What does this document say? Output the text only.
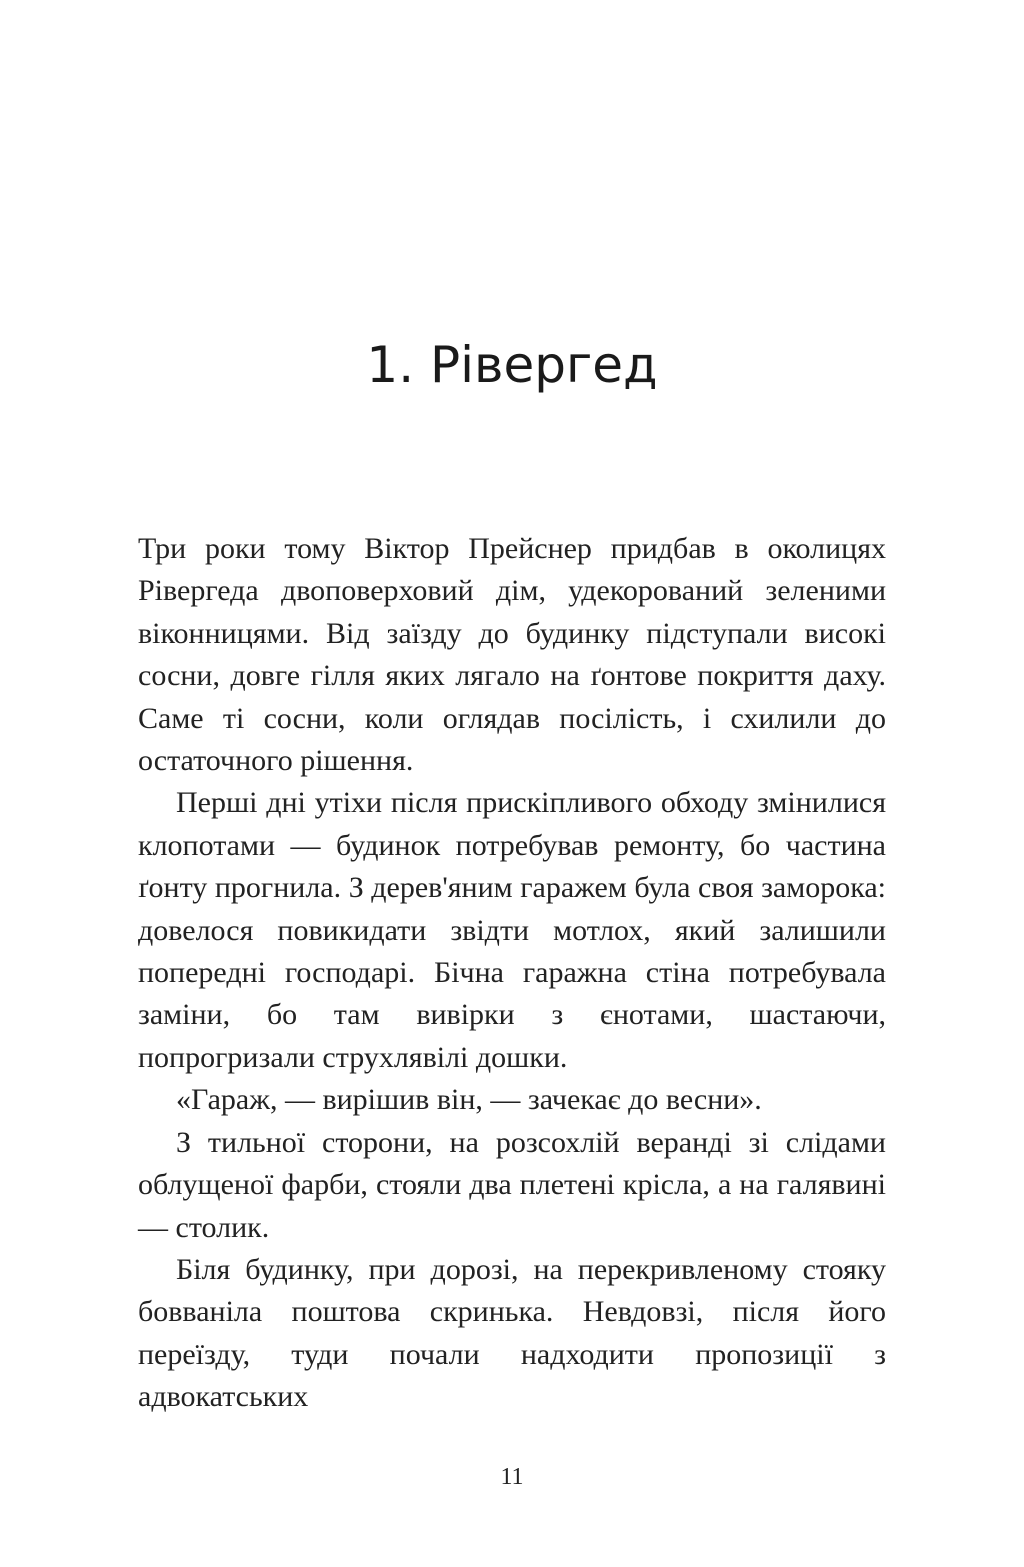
1. Рівергед

Три роки тому Віктор Прейснер придбав в околицях Рівергеда двоповерховий дім, удекорований зеленими віконницями. Від заїзду до будинку підступали високі сосни, довге гілля яких лягало на ґонтове покриття даху. Саме ті сосни, коли оглядав посілість, і схилили до остаточного рішення.

Перші дні утіхи після прискіпливого обходу змінилися клопотами — будинок потребував ремонту, бо частина ґонту прогнила. З дерев'яним гаражем була своя заморока: довелося повикидати звідти мотлох, який залишили попередні господарі. Бічна гаражна стіна потребувала заміни, бо там вивірки з єнотами, шастаючи, попрогризали струхлявілі дошки.

«Гараж, — вирішив він, — зачекає до весни».

З тильної сторони, на розсохлій веранді зі слідами облущеної фарби, стояли два плетені крісла, а на галявині — столик.

Біля будинку, при дорозі, на перекривленому стояку бовваніла поштова скринька. Невдовзі, після його переїзду, туди почали надходити пропозиції з адвокатських

11
